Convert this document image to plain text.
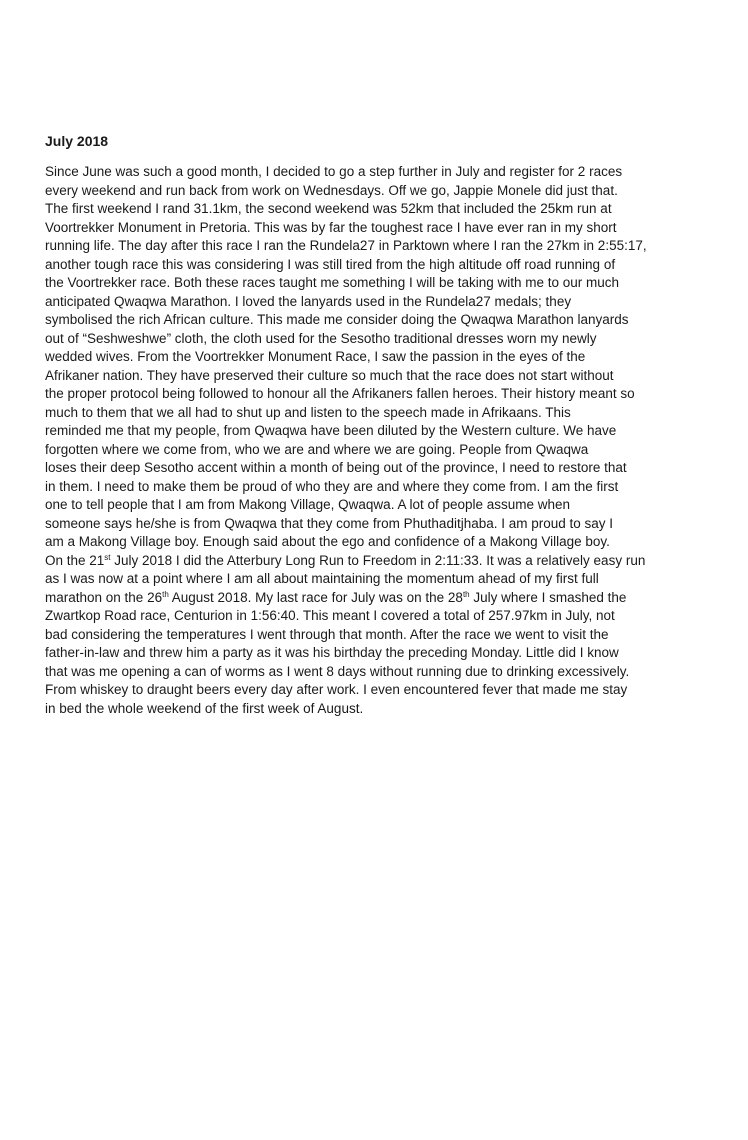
July 2018
Since June was such a good month, I decided to go a step further in July and register for 2 races
every weekend and run back from work on Wednesdays. Off we go, Jappie Monele did just that.
The first weekend I rand 31.1km, the second weekend was 52km that included the 25km run at
Voortrekker Monument in Pretoria. This was by far the toughest race I have ever ran in my short
running life. The day after this race I ran the Rundela27 in Parktown where I ran the 27km in 2:55:17,
another tough race this was considering I was still tired from the high altitude off road running of
the Voortrekker race. Both these races taught me something I will be taking with me to our much
anticipated Qwaqwa Marathon. I loved the lanyards used in the Rundela27 medals; they
symbolised the rich African culture. This made me consider doing the Qwaqwa Marathon lanyards
out of “Seshweshwe” cloth, the cloth used for the Sesotho traditional dresses worn my newly
wedded wives. From the Voortrekker Monument Race, I saw the passion in the eyes of the
Afrikaner nation. They have preserved their culture so much that the race does not start without
the proper protocol being followed to honour all the Afrikaners fallen heroes. Their history meant so
much to them that we all had to shut up and listen to the speech made in Afrikaans. This
reminded me that my people, from Qwaqwa have been diluted by the Western culture. We have
forgotten where we come from, who we are and where we are going. People from Qwaqwa
loses their deep Sesotho accent within a month of being out of the province, I need to restore that
in them. I need to make them be proud of who they are and where they come from. I am the first
one to tell people that I am from Makong Village, Qwaqwa. A lot of people assume when
someone says he/she is from Qwaqwa that they come from Phuthaditjhaba. I am proud to say I
am a Makong Village boy. Enough said about the ego and confidence of a Makong Village boy.
On the 21st July 2018 I did the Atterbury Long Run to Freedom in 2:11:33. It was a relatively easy run
as I was now at a point where I am all about maintaining the momentum ahead of my first full
marathon on the 26th August 2018. My last race for July was on the 28th July where I smashed the
Zwartkop Road race, Centurion in 1:56:40. This meant I covered a total of 257.97km in July, not
bad considering the temperatures I went through that month. After the race we went to visit the
father-in-law and threw him a party as it was his birthday the preceding Monday. Little did I know
that was me opening a can of worms as I went 8 days without running due to drinking excessively.
From whiskey to draught beers every day after work. I even encountered fever that made me stay
in bed the whole weekend of the first week of August.
